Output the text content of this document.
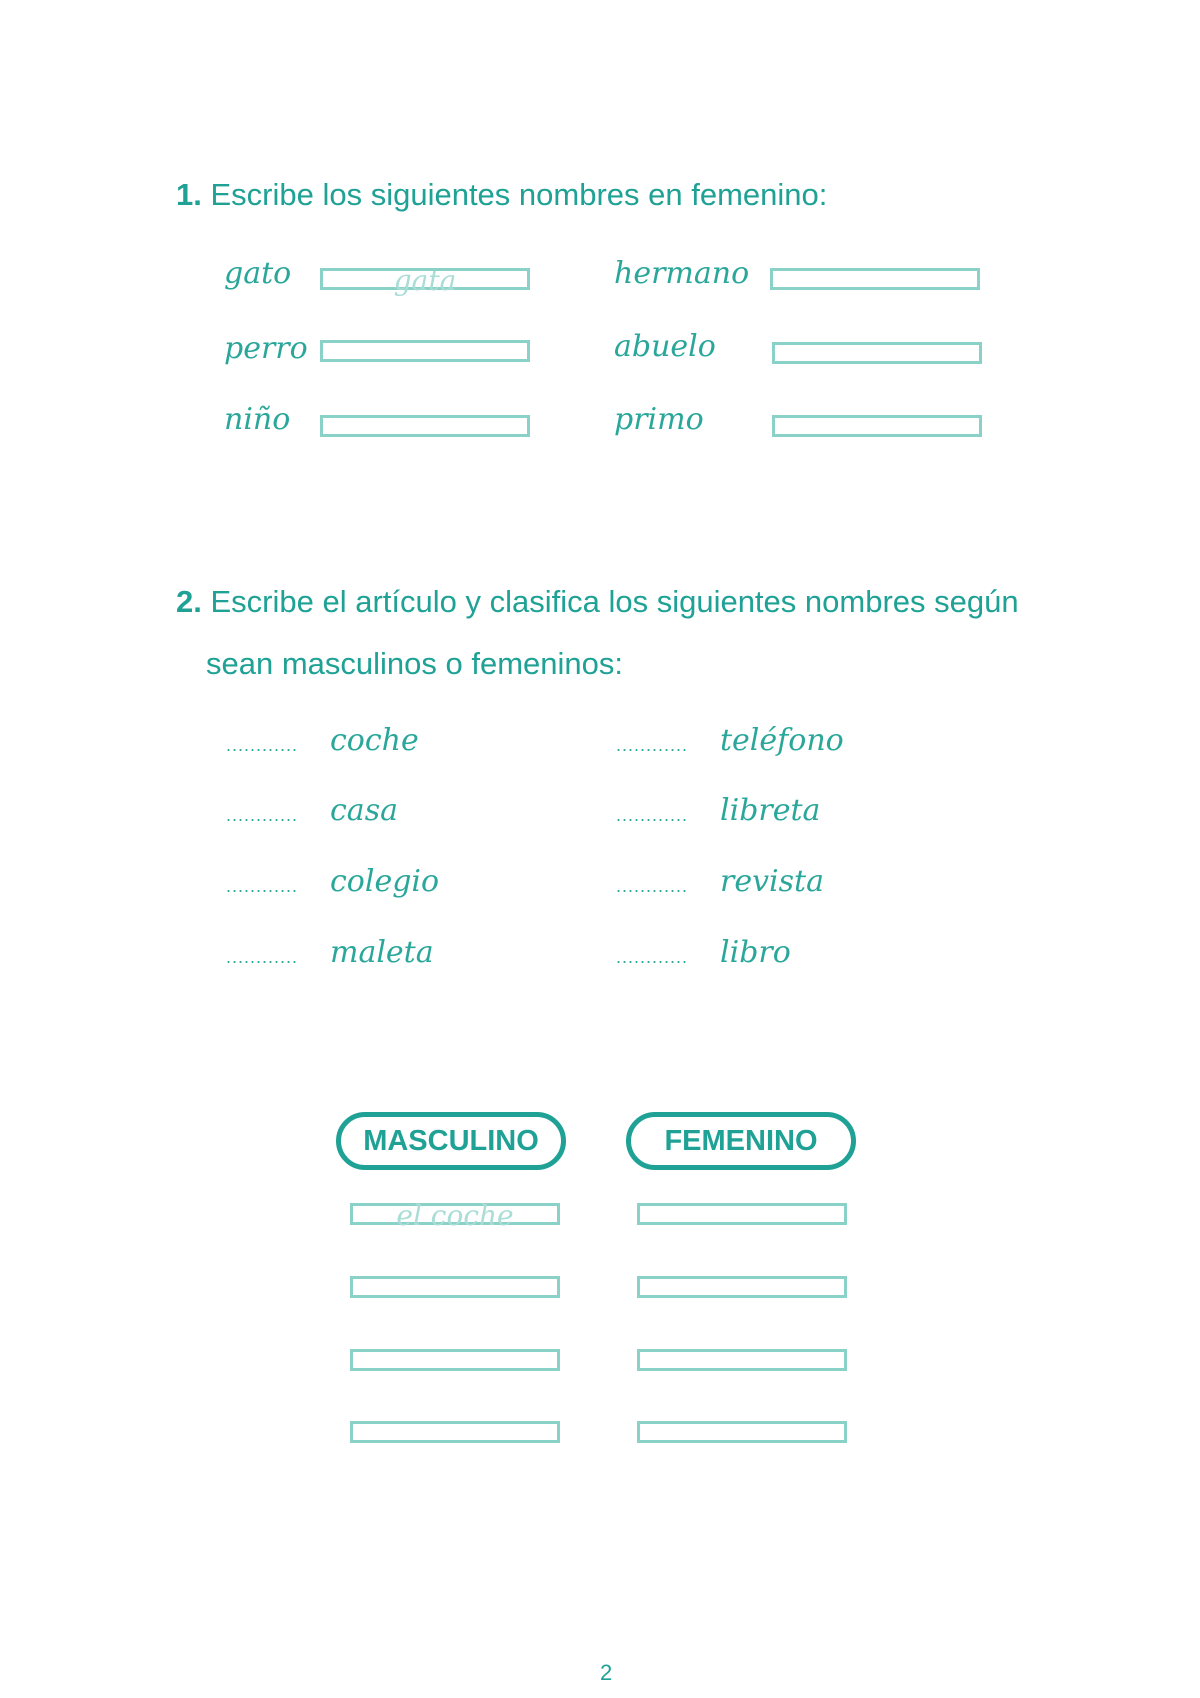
1. Escribe los siguientes nombres en femenino:
gato	gata
perro
niño
hermano
abuelo
primo
2. Escribe el artículo y clasifica los siguientes nombres según
sean masculinos o femeninos:
............ coche
............ casa
............ colegio
............ maleta
............ teléfono
............ libreta
............ revista
............ libro
MASCULINO	FEMENINO
el coche
2
